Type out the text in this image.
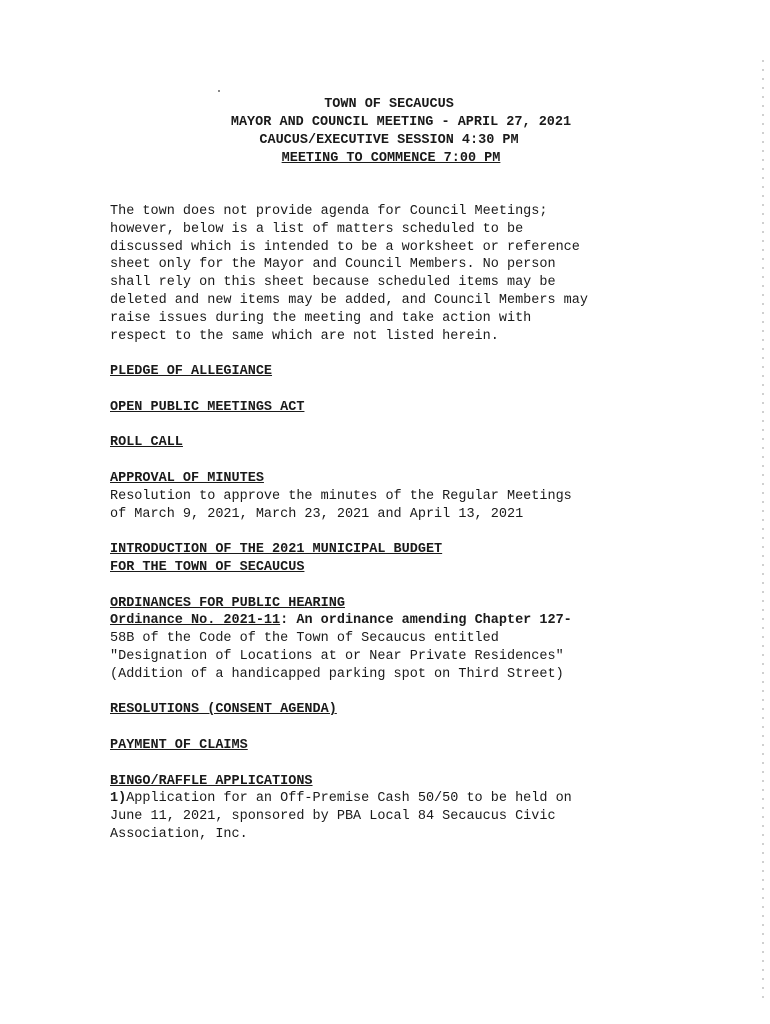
TOWN OF SECAUCUS
MAYOR AND COUNCIL MEETING - APRIL 27, 2021
CAUCUS/EXECUTIVE SESSION 4:30 PM
MEETING TO COMMENCE 7:00 PM
The town does not provide agenda for Council Meetings;
however, below is a list of matters scheduled to be
discussed which is intended to be a worksheet or reference
sheet only for the Mayor and Council Members. No person
shall rely on this sheet because scheduled items may be
deleted and new items may be added, and Council Members may
raise issues during the meeting and take action with
respect to the same which are not listed herein.
PLEDGE OF ALLEGIANCE
OPEN PUBLIC MEETINGS ACT
ROLL CALL
APPROVAL OF MINUTES
Resolution to approve the minutes of the Regular Meetings
of March 9, 2021, March 23, 2021 and April 13, 2021
INTRODUCTION OF THE 2021 MUNICIPAL BUDGET
FOR THE TOWN OF SECAUCUS
ORDINANCES FOR PUBLIC HEARING
Ordinance No. 2021-11: An ordinance amending Chapter 127-
58B of the Code of the Town of Secaucus entitled
"Designation of Locations at or Near Private Residences"
(Addition of a handicapped parking spot on Third Street)
RESOLUTIONS (CONSENT AGENDA)
PAYMENT OF CLAIMS
BINGO/RAFFLE APPLICATIONS
1)Application for an Off-Premise Cash 50/50 to be held on
June 11, 2021, sponsored by PBA Local 84 Secaucus Civic
Association, Inc.
